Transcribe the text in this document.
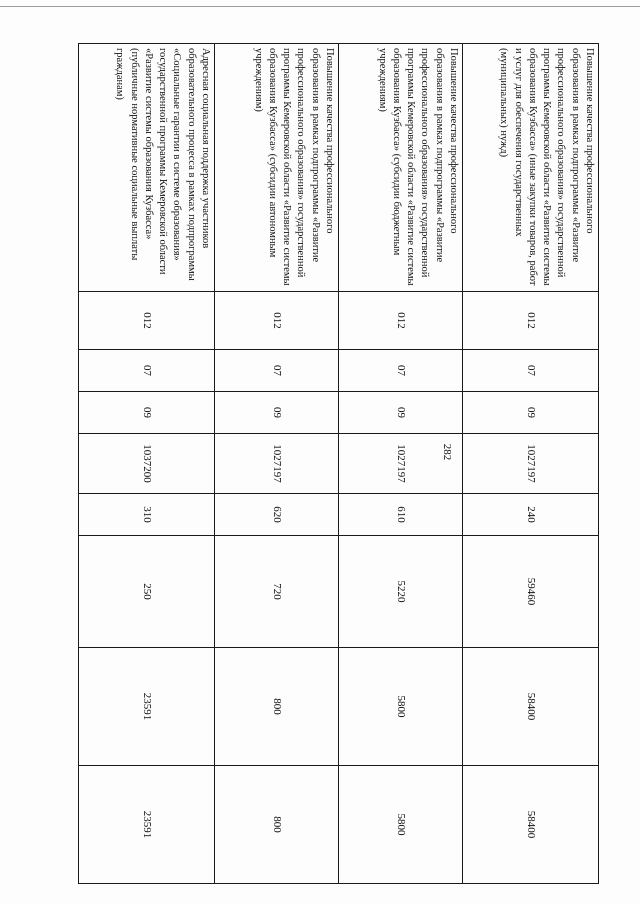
282
Повышение качества профессионального образования в рамках подпрограммы «Развитие профессионального образования» государственной программы Кемеровской области «Развитие системы образования Кузбасса» (иные закупки товаров, работ и услуг для обеспечения государственных (муниципальных) нужд)	012	07	09	1027197	240	59460	58400	58400
Повышение качества профессионального образования в рамках подпрограммы «Развитие профессионального образования» государственной программы Кемеровской области «Развитие системы образования Кузбасса» (субсидии бюджетным учреждениям)	012	07	09	1027197	610	5220	5800	5800
Повышение качества профессионального образования в рамках подпрограммы «Развитие профессионального образования» государственной программы Кемеровской области «Развитие системы образования Кузбасса» (субсидии автономным учреждениям)	012	07	09	1027197	620	720	800	800
Адресная социальная поддержка участников образовательного процесса в рамках подпрограммы «Социальные гарантии в системе образования» государственной программы Кемеровской области «Развитие системы образования Кузбасса» (публичные нормативные социальные выплаты гражданам)	012	07	09	1037200	310	250	23591	23591
